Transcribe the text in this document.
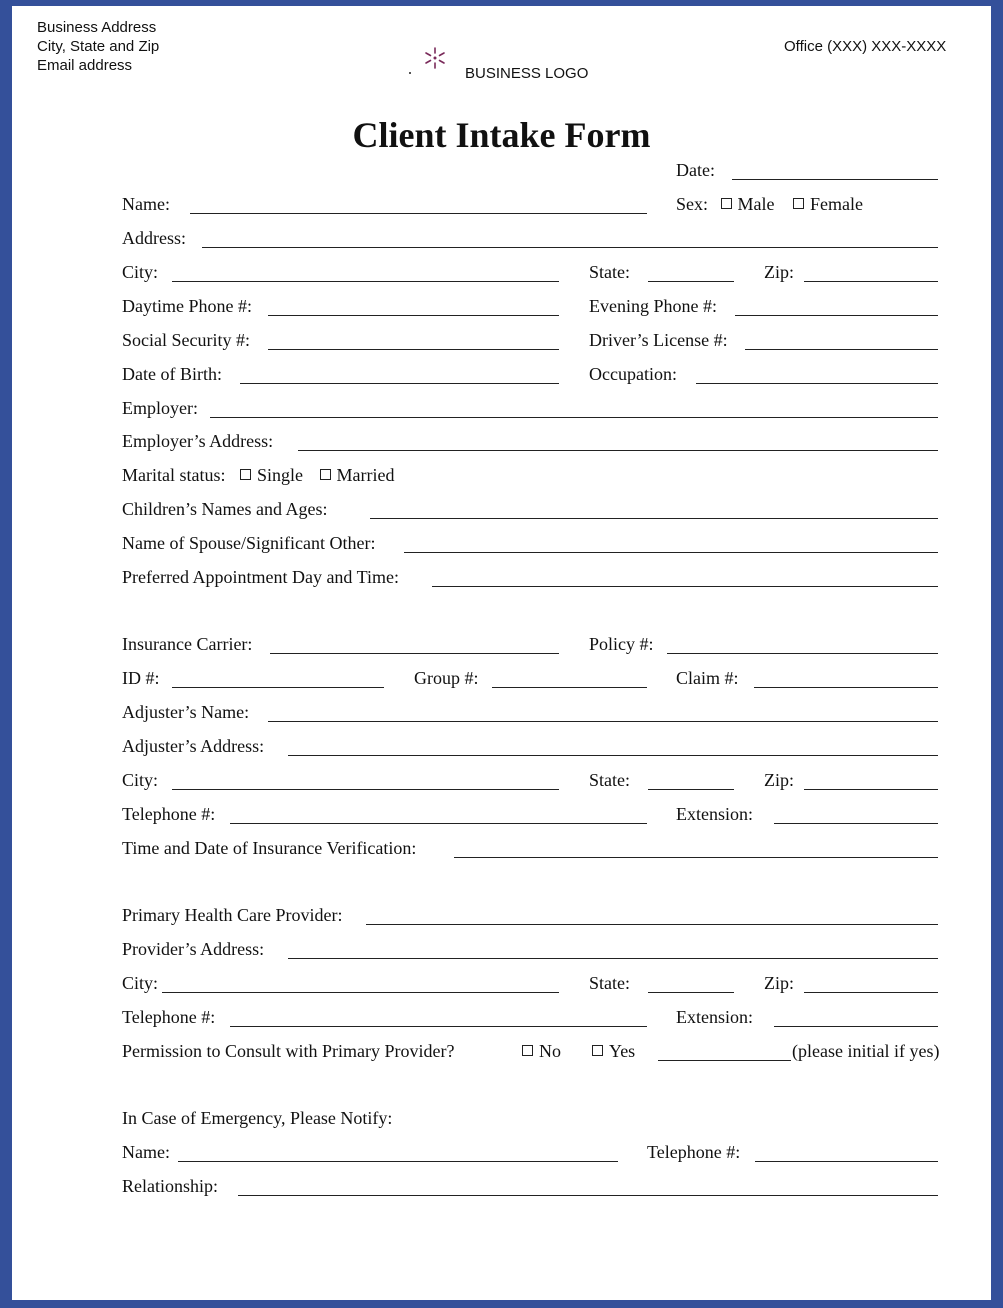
Business Address
City, State and Zip
Email address
Office (XXX) XXX-XXXX
BUSINESS LOGO
Client Intake Form
Date:
Name:	Sex: Male Female
Address:
City:	State:	Zip:
Daytime Phone #:	Evening Phone #:
Social Security #:	Driver’s License #:
Date of Birth:	Occupation:
Employer:
Employer’s Address:
Marital status: Single Married
Children’s Names and Ages:
Name of Spouse/Significant Other:
Preferred Appointment Day and Time:
Insurance Carrier:	Policy #:
ID #:	Group #:	Claim #:
Adjuster’s Name:
Adjuster’s Address:
City:	State:	Zip:
Telephone #:	Extension:
Time and Date of Insurance Verification:
Primary Health Care Provider:
Provider’s Address:
City:	State:	Zip:
Telephone #:	Extension:
Permission to Consult with Primary Provider?	No	Yes	(please initial if yes)
In Case of Emergency, Please Notify:
Name:	Telephone #:
Relationship:
